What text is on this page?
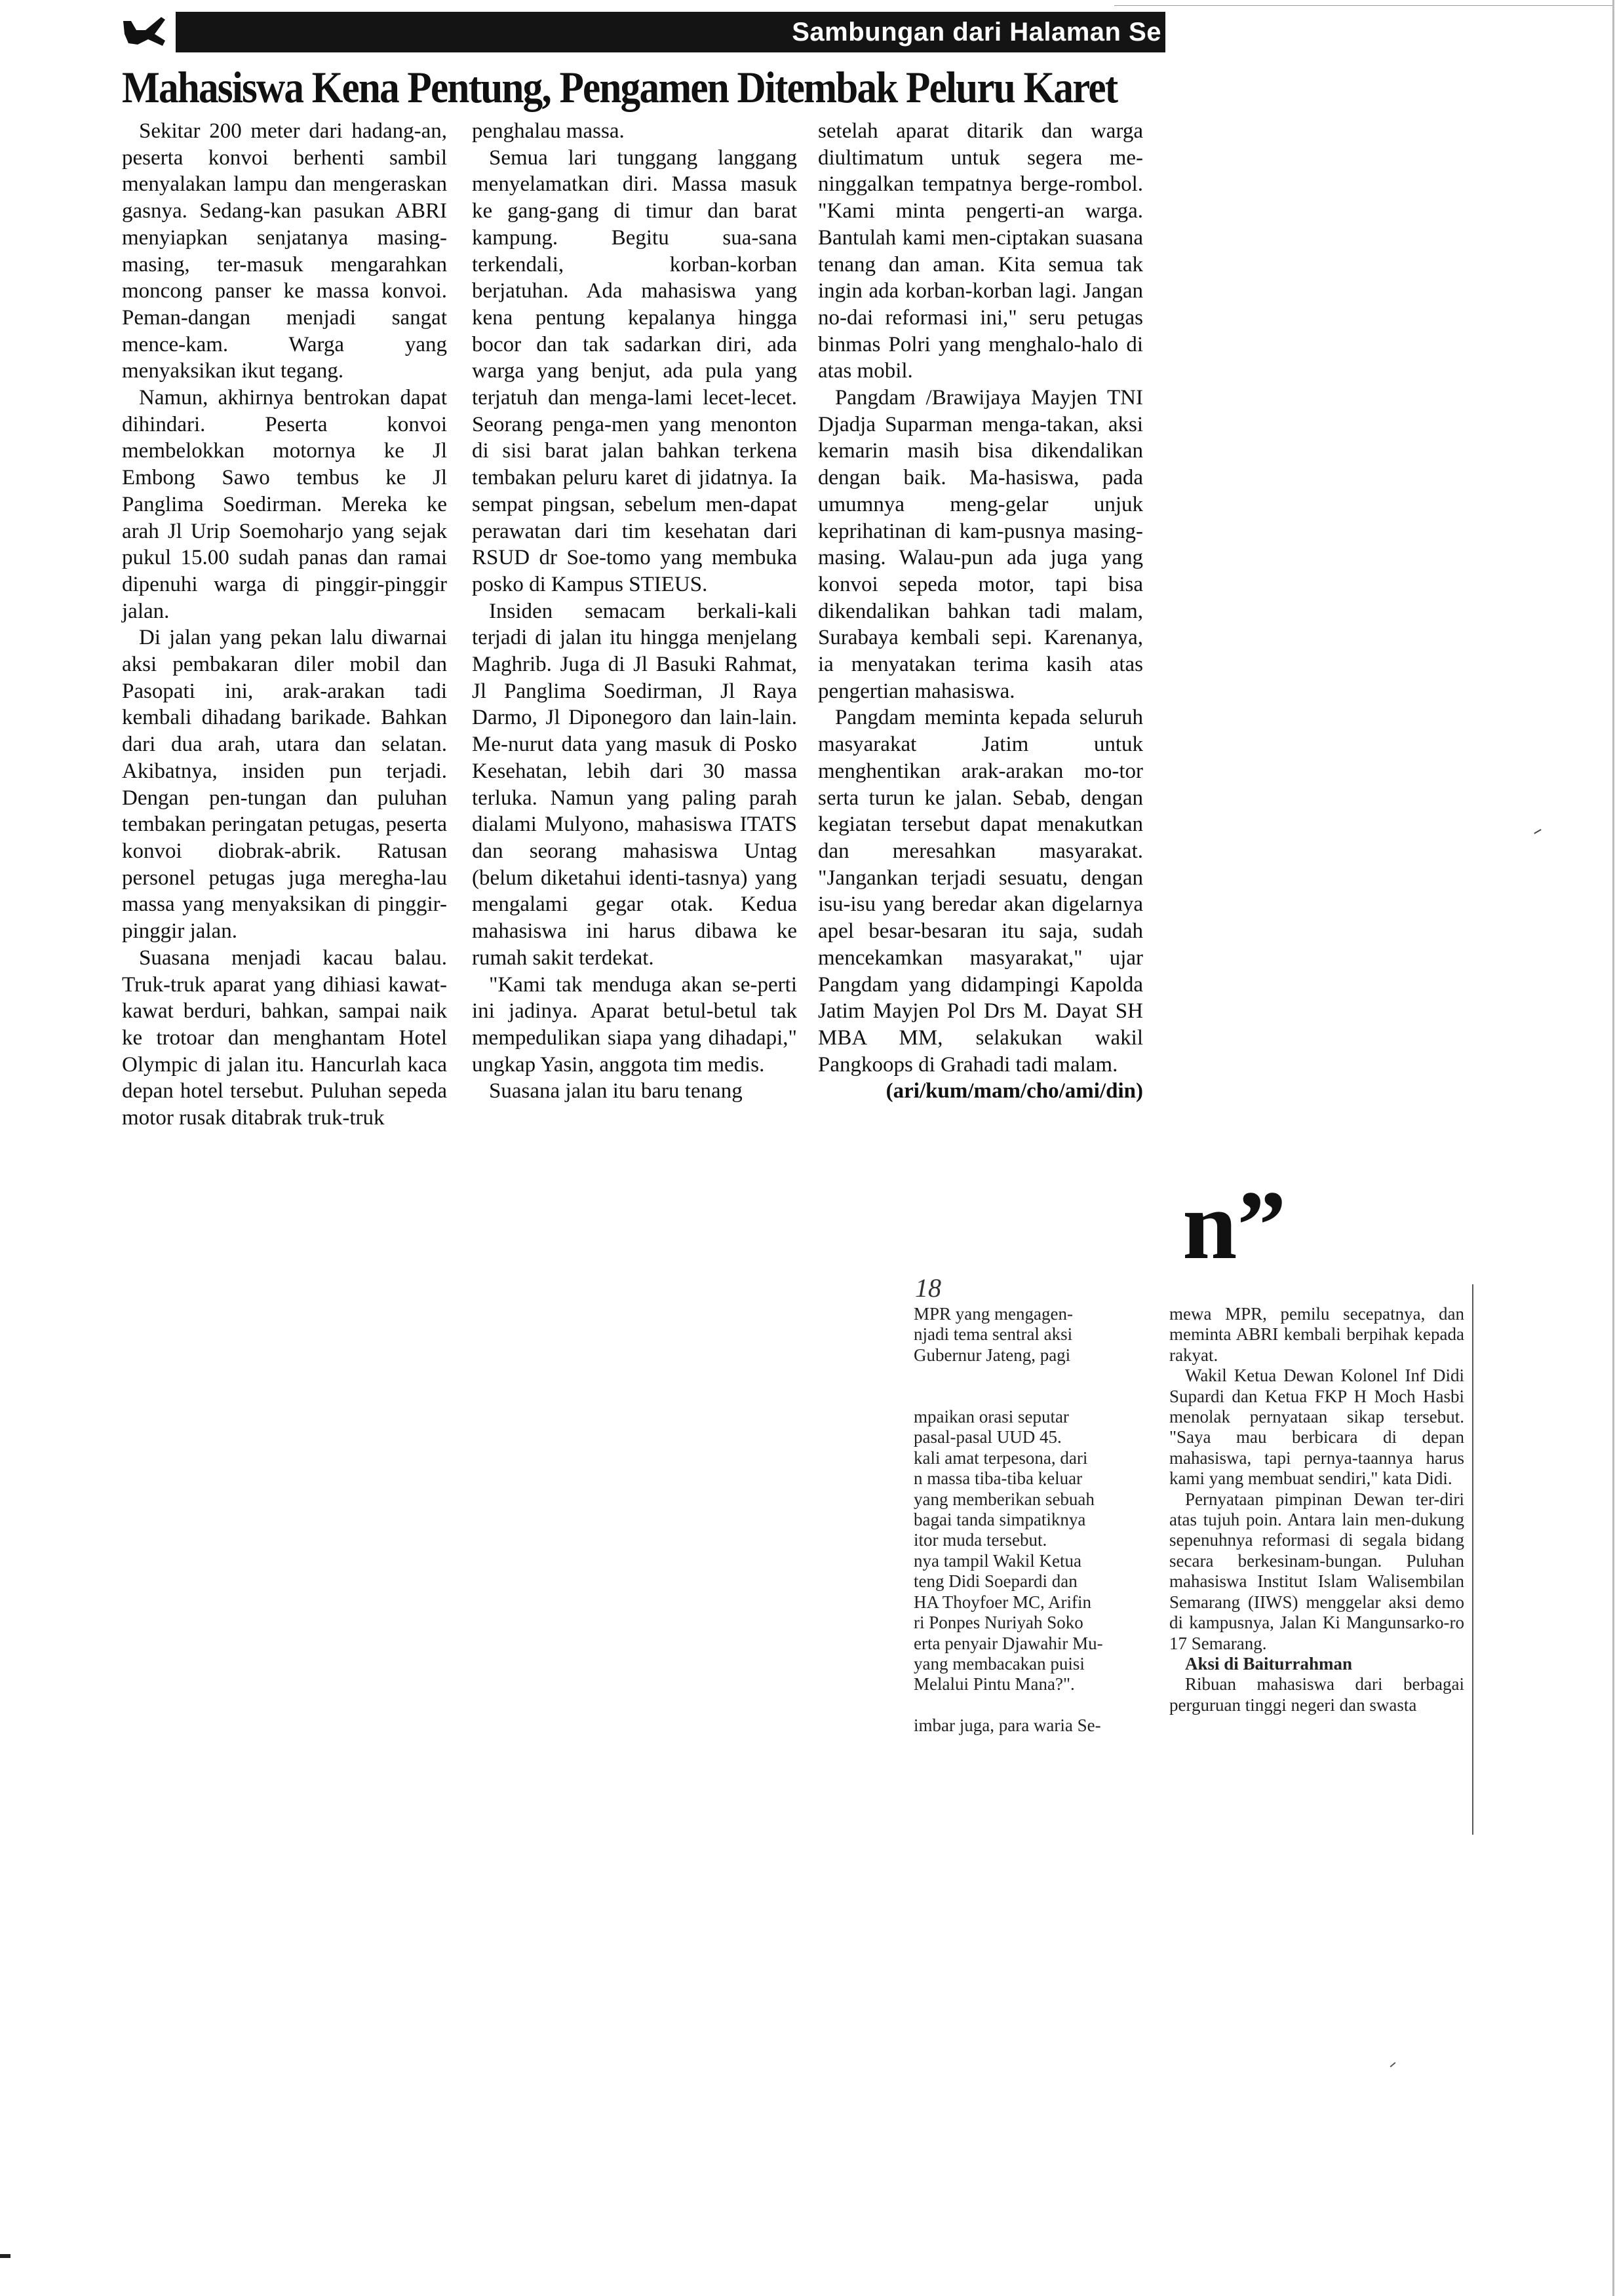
Sambungan dari Halaman Se
Mahasiswa Kena Pentung, Pengamen Ditembak Peluru Karet

Sekitar 200 meter dari hadang-an, peserta konvoi berhenti sambil menyalakan lampu dan mengeraskan gasnya. Sedang-kan pasukan ABRI menyiapkan senjatanya masing-masing, ter-masuk mengarahkan moncong panser ke massa konvoi. Peman-dangan menjadi sangat mence-kam. Warga yang menyaksikan ikut tegang.

Namun, akhirnya bentrokan dapat dihindari. Peserta konvoi membelokkan motornya ke Jl Embong Sawo tembus ke Jl Panglima Soedirman. Mereka ke arah Jl Urip Soemoharjo yang sejak pukul 15.00 sudah panas dan ramai dipenuhi warga di pinggir-pinggir jalan.

Di jalan yang pekan lalu diwarnai aksi pembakaran diler mobil dan Pasopati ini, arak-arakan tadi kembali dihadang barikade. Bahkan dari dua arah, utara dan selatan. Akibatnya, insiden pun terjadi. Dengan pen-tungan dan puluhan tembakan peringatan petugas, peserta konvoi diobrak-abrik. Ratusan personel petugas juga meregha-lau massa yang menyaksikan di pinggir-pinggir jalan.

Suasana menjadi kacau balau. Truk-truk aparat yang dihiasi kawat-kawat berduri, bahkan, sampai naik ke trotoar dan menghantam Hotel Olympic di jalan itu. Hancurlah kaca depan hotel tersebut. Puluhan sepeda motor rusak ditabrak truk-truk

penghalau massa.

Semua lari tunggang langgang menyelamatkan diri. Massa masuk ke gang-gang di timur dan barat kampung. Begitu sua-sana terkendali, korban-korban berjatuhan. Ada mahasiswa yang kena pentung kepalanya hingga bocor dan tak sadarkan diri, ada warga yang benjut, ada pula yang terjatuh dan menga-lami lecet-lecet. Seorang penga-men yang menonton di sisi barat jalan bahkan terkena tembakan peluru karet di jidatnya. Ia sempat pingsan, sebelum men-dapat perawatan dari tim kesehatan dari RSUD dr Soe-tomo yang membuka posko di Kampus STIEUS.

Insiden semacam berkali-kali terjadi di jalan itu hingga menjelang Maghrib. Juga di Jl Basuki Rahmat, Jl Panglima Soedirman, Jl Raya Darmo, Jl Diponegoro dan lain-lain. Me-nurut data yang masuk di Posko Kesehatan, lebih dari 30 massa terluka. Namun yang paling parah dialami Mulyono, mahasiswa ITATS dan seorang mahasiswa Untag (belum diketahui identi-tasnya) yang mengalami gegar otak. Kedua mahasiswa ini harus dibawa ke rumah sakit terdekat.

"Kami tak menduga akan se-perti ini jadinya. Aparat betul-betul tak mempedulikan siapa yang dihadapi," ungkap Yasin, anggota tim medis.

Suasana jalan itu baru tenang

setelah aparat ditarik dan warga diultimatum untuk segera me-ninggalkan tempatnya berge-rombol. "Kami minta pengerti-an warga. Bantulah kami men-ciptakan suasana tenang dan aman. Kita semua tak ingin ada korban-korban lagi. Jangan no-dai reformasi ini," seru petugas binmas Polri yang menghalo-halo di atas mobil.

Pangdam /Brawijaya Mayjen TNI Djadja Suparman menga-takan, aksi kemarin masih bisa dikendalikan dengan baik. Ma-hasiswa, pada umumnya meng-gelar unjuk keprihatinan di kam-pusnya masing-masing. Walau-pun ada juga yang konvoi sepeda motor, tapi bisa dikendalikan bahkan tadi malam, Surabaya kembali sepi. Karenanya, ia menyatakan terima kasih atas pengertian mahasiswa.

Pangdam meminta kepada seluruh masyarakat Jatim untuk menghentikan arak-arakan mo-tor serta turun ke jalan. Sebab, dengan kegiatan tersebut dapat menakutkan dan meresahkan masyarakat. "Jangankan terjadi sesuatu, dengan isu-isu yang beredar akan digelarnya apel besar-besaran itu saja, sudah mencekamkan masyarakat," ujar Pangdam yang didampingi Kapolda Jatim Mayjen Pol Drs M. Dayat SH MBA MM, selakukan wakil Pangkoops di Grahadi tadi malam.

(ari/kum/mam/cho/ami/din)

n”
​18

MPR yang mengagen-

njadi tema sentral aksi

Gubernur Jateng, pagi

mpaikan orasi seputar

pasal-pasal UUD 45.

kali amat terpesona, dari

n massa tiba-tiba keluar

yang memberikan sebuah

bagai tanda simpatiknya

itor muda tersebut.

nya tampil Wakil Ketua

teng Didi Soepardi dan

HA Thoyfoer MC, Arifin

ri Ponpes Nuriyah Soko

erta penyair Djawahir Mu-

yang membacakan puisi

Melalui Pintu Mana?".

imbar juga, para waria Se-

mewa MPR, pemilu secepatnya, dan meminta ABRI kembali berpihak kepada rakyat.

Wakil Ketua Dewan Kolonel Inf Didi Supardi dan Ketua FKP H Moch Hasbi menolak pernyataan sikap tersebut. "Saya mau berbicara di depan mahasiswa, tapi pernya-taannya harus kami yang membuat sendiri," kata Didi.

Pernyataan pimpinan Dewan ter-diri atas tujuh poin. Antara lain men-dukung sepenuhnya reformasi di segala bidang secara berkesinam-bungan. Puluhan mahasiswa Institut Islam Walisembilan Semarang (IIWS) menggelar aksi demo di kampusnya, Jalan Ki Mangunsarko-ro 17 Semarang.

Aksi di Baiturrahman

Ribuan mahasiswa dari berbagai perguruan tinggi negeri dan swasta
